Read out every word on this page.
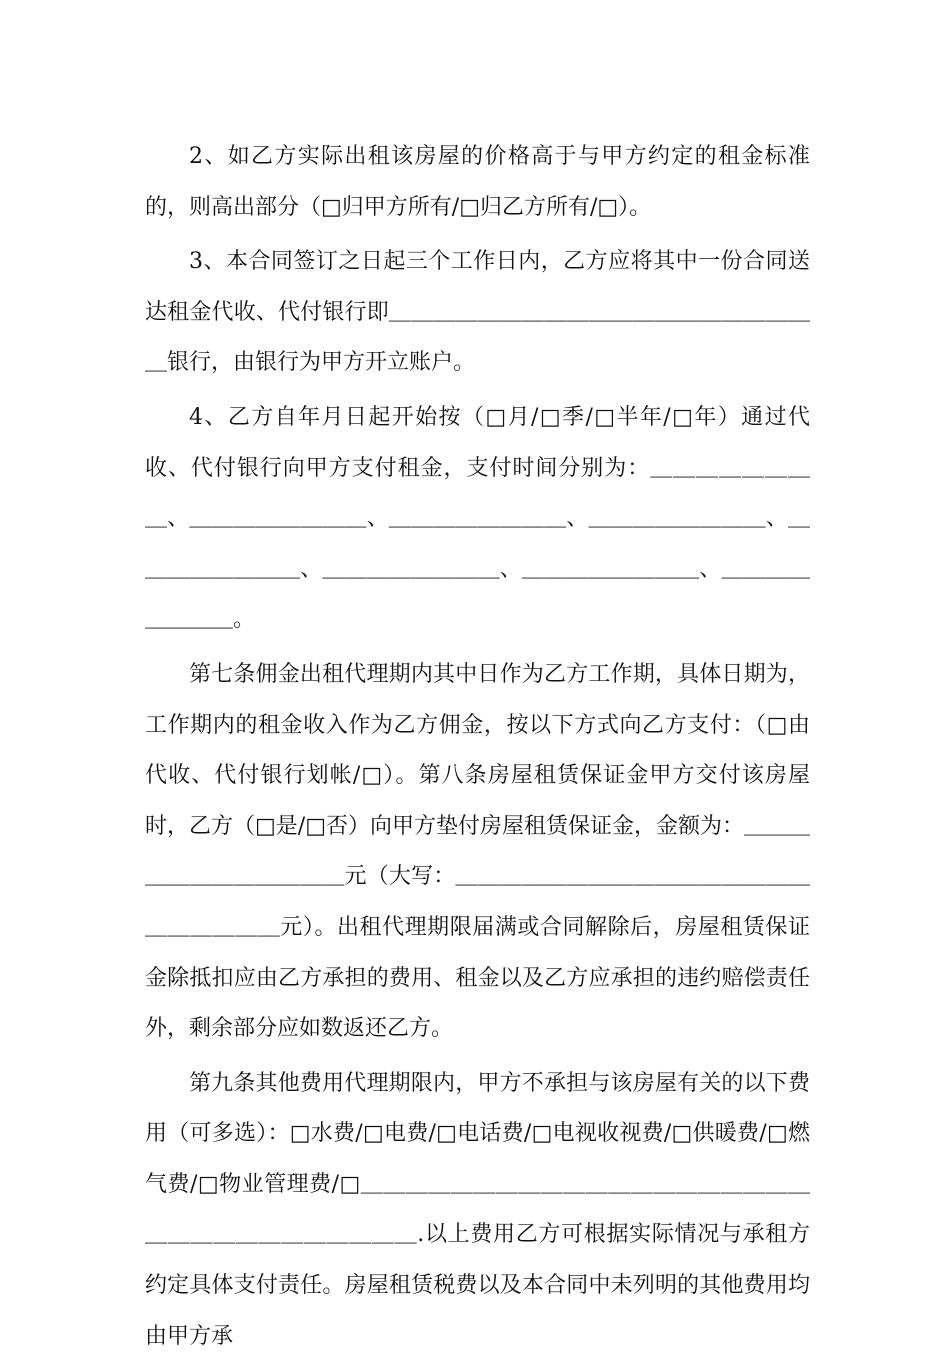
2、如乙方实际出租该房屋的价格高于与甲方约定的租金标准的，则高出部分（□归甲方所有/□归乙方所有/□）。

3、本合同签订之日起三个工作日内，乙方应将其中一份合同送达租金代收、代付银行即＿＿＿＿＿＿＿＿＿＿＿＿＿＿＿＿＿＿＿＿银行，由银行为甲方开立账户。

4、乙方自年月日起开始按（□月/□季/□半年/□年）通过代收、代付银行向甲方支付租金，支付时间分别为：＿＿＿＿＿＿＿＿、＿＿＿＿＿＿＿＿、＿＿＿＿＿＿＿＿、＿＿＿＿＿＿＿＿、＿＿＿＿＿＿＿＿、＿＿＿＿＿＿＿＿、＿＿＿＿＿＿＿＿、＿＿＿＿＿＿＿＿。

第七条佣金出租代理期内其中日作为乙方工作期，具体日期为，工作期内的租金收入作为乙方佣金，按以下方式向乙方支付：（□由代收、代付银行划帐/□）。第八条房屋租赁保证金甲方交付该房屋时，乙方（□是/□否）向甲方垫付房屋租赁保证金，金额为：＿＿＿＿＿＿＿＿＿＿＿＿元（大写：＿＿＿＿＿＿＿＿＿＿＿＿＿＿＿＿＿＿＿＿＿＿元）。出租代理期限届满或合同解除后，房屋租赁保证金除抵扣应由乙方承担的费用、租金以及乙方应承担的违约赔偿责任外，剩余部分应如数返还乙方。

第九条其他费用代理期限内，甲方不承担与该房屋有关的以下费用（可多选）：□水费/□电费/□电话费/□电视收视费/□供暖费/□燃气费/□物业管理费/□＿＿＿＿＿＿＿＿＿＿＿＿＿＿＿＿＿＿＿＿＿＿＿＿＿＿＿＿＿＿＿＿.以上费用乙方可根据实际情况与承租方约定具体支付责任。房屋租赁税费以及本合同中未列明的其他费用均由甲方承
